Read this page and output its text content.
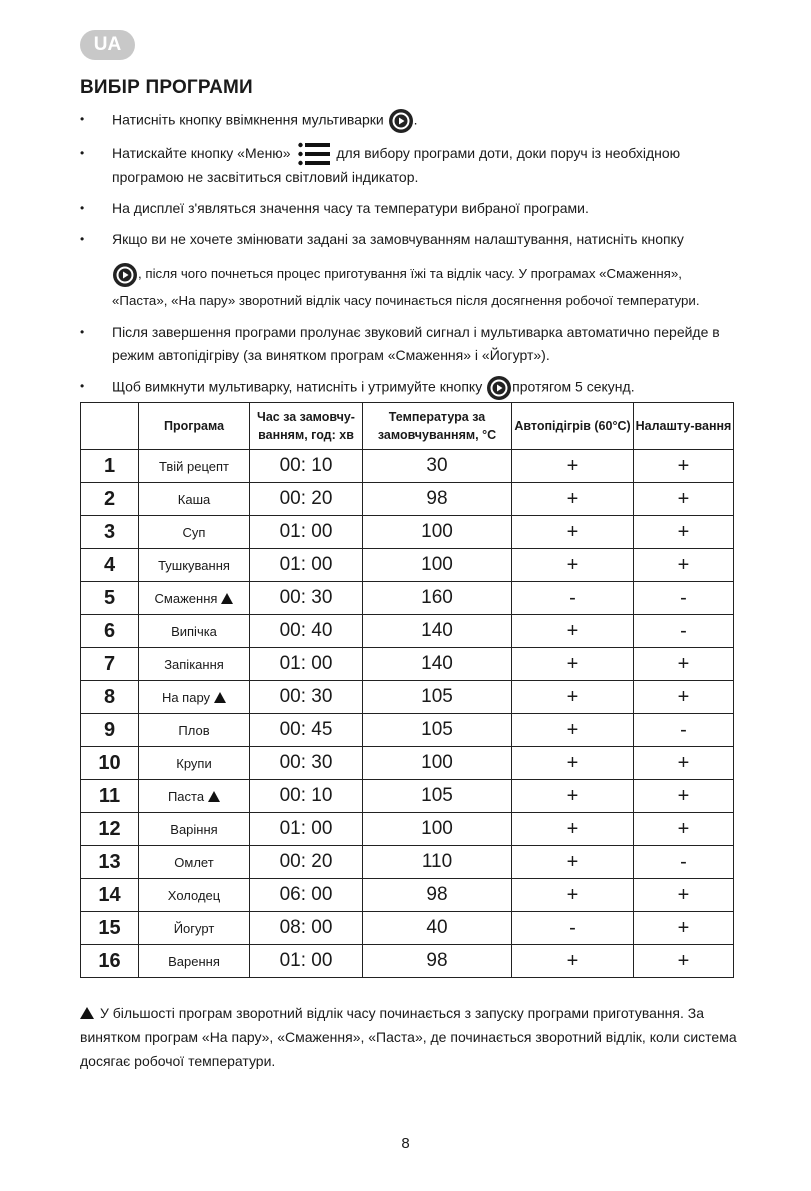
UA
ВИБІР ПРОГРАМИ
• Натисніть кнопку ввімкнення мультиварки .
• Натискайте кнопку «Меню»	для вибору програми доти, доки поруч із необхідною програмою не засвітиться світловий індикатор.
• На дисплеї з'являться значення часу та температури вибраної програми.
• Якщо ви не хочете змінювати задані за замовчуванням налаштування, натисніть кнопку
, після чого почнеться процес приготування їжі та відлік часу. У програмах «Смаження», «Паста», «На пару» зворотний відлік часу починається після досягнення робочої температури.
• Після завершення програми пролунає звуковий сигнал і мультиварка автоматично перейде в режим автопідігріву (за винятком програм «Смаження» і «Йогурт»).
• Щоб вимкнути мультиварку, натисніть і утримуйте кнопку протягом 5 секунд.
	Програма	Час за замовчу-ванням, год: хв	Температура за замовчуванням, °C	Автопідігрів (60°C)	Налашту-вання
1	Твій рецепт	00: 10	30	+	+
2	Каша	00: 20	98	+	+
3	Суп	01: 00	100	+	+
4	Тушкування	01: 00	100	+	+
5	Смаження	00: 30	160	-	-
6	Випічка	00: 40	140	+	-
7	Запікання	01: 00	140	+	+
8	На пару	00: 30	105	+	+
9	Плов	00: 45	105	+	-
10	Крупи	00: 30	100	+	+
11	Паста	00: 10	105	+	+
12	Варіння	01: 00	100	+	+
13	Омлет	00: 20	110	+	-
14	Холодец	06: 00	98	+	+
15	Йогурт	08: 00	40	-	+
16	Варення	01: 00	98	+	+

У більшості програм зворотний відлік часу починається з запуску програми приготування. За винятком програм «На пару», «Смаження», «Паста», де починається зворотний відлік, коли система досягає робочої температури.

8
